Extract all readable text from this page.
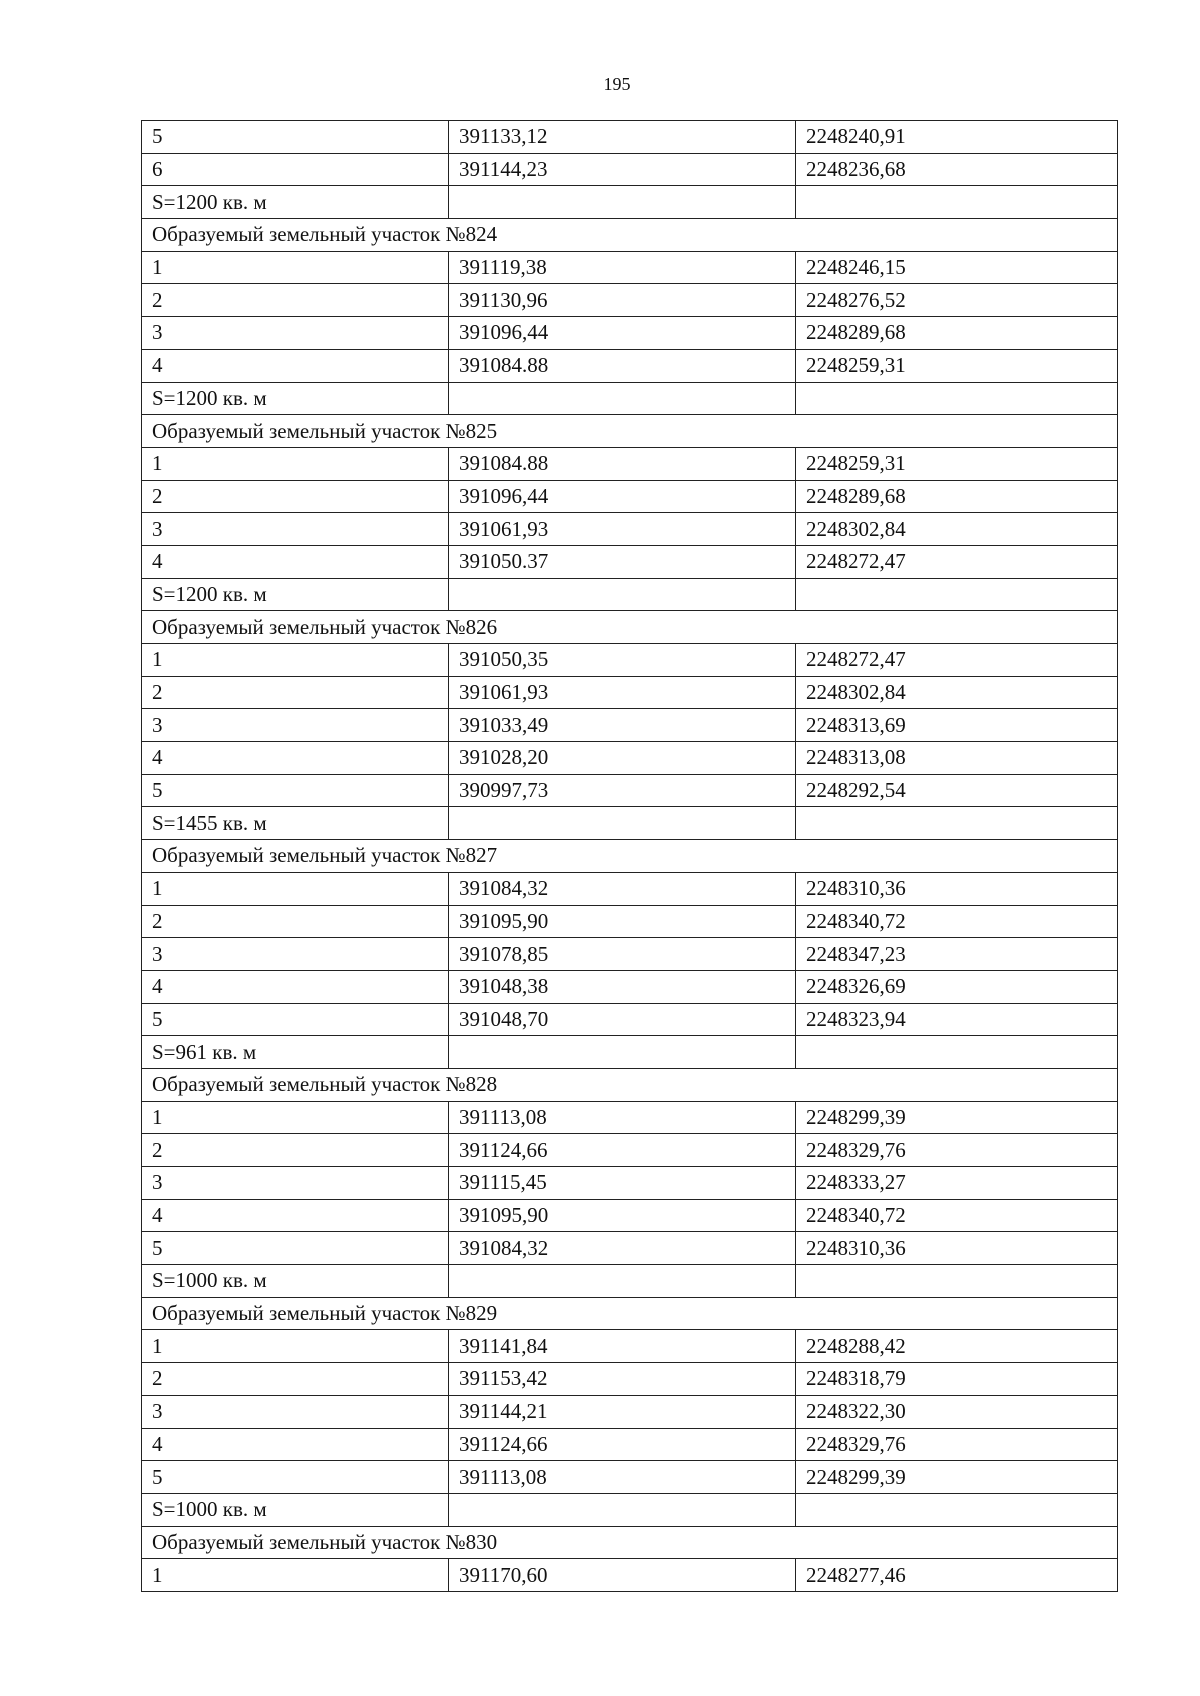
195
5	391133,12	2248240,91
6	391144,23	2248236,68
S=1200 кв. м		
Образуемый земельный участок №824		
1	391119,38	2248246,15
2	391130,96	2248276,52
3	391096,44	2248289,68
4	391084.88	2248259,31
S=1200 кв. м		
Образуемый земельный участок №825		
1	391084.88	2248259,31
2	391096,44	2248289,68
3	391061,93	2248302,84
4	391050.37	2248272,47
S=1200 кв. м		
Образуемый земельный участок №826		
1	391050,35	2248272,47
2	391061,93	2248302,84
3	391033,49	2248313,69
4	391028,20	2248313,08
5	390997,73	2248292,54
S=1455 кв. м		
Образуемый земельный участок №827		
1	391084,32	2248310,36
2	391095,90	2248340,72
3	391078,85	2248347,23
4	391048,38	2248326,69
5	391048,70	2248323,94
S=961 кв. м		
Образуемый земельный участок №828		
1	391113,08	2248299,39
2	391124,66	2248329,76
3	391115,45	2248333,27
4	391095,90	2248340,72
5	391084,32	2248310,36
S=1000 кв. м		
Образуемый земельный участок №829		
1	391141,84	2248288,42
2	391153,42	2248318,79
3	391144,21	2248322,30
4	391124,66	2248329,76
5	391113,08	2248299,39
S=1000 кв. м		
Образуемый земельный участок №830		
1	391170,60	2248277,46
